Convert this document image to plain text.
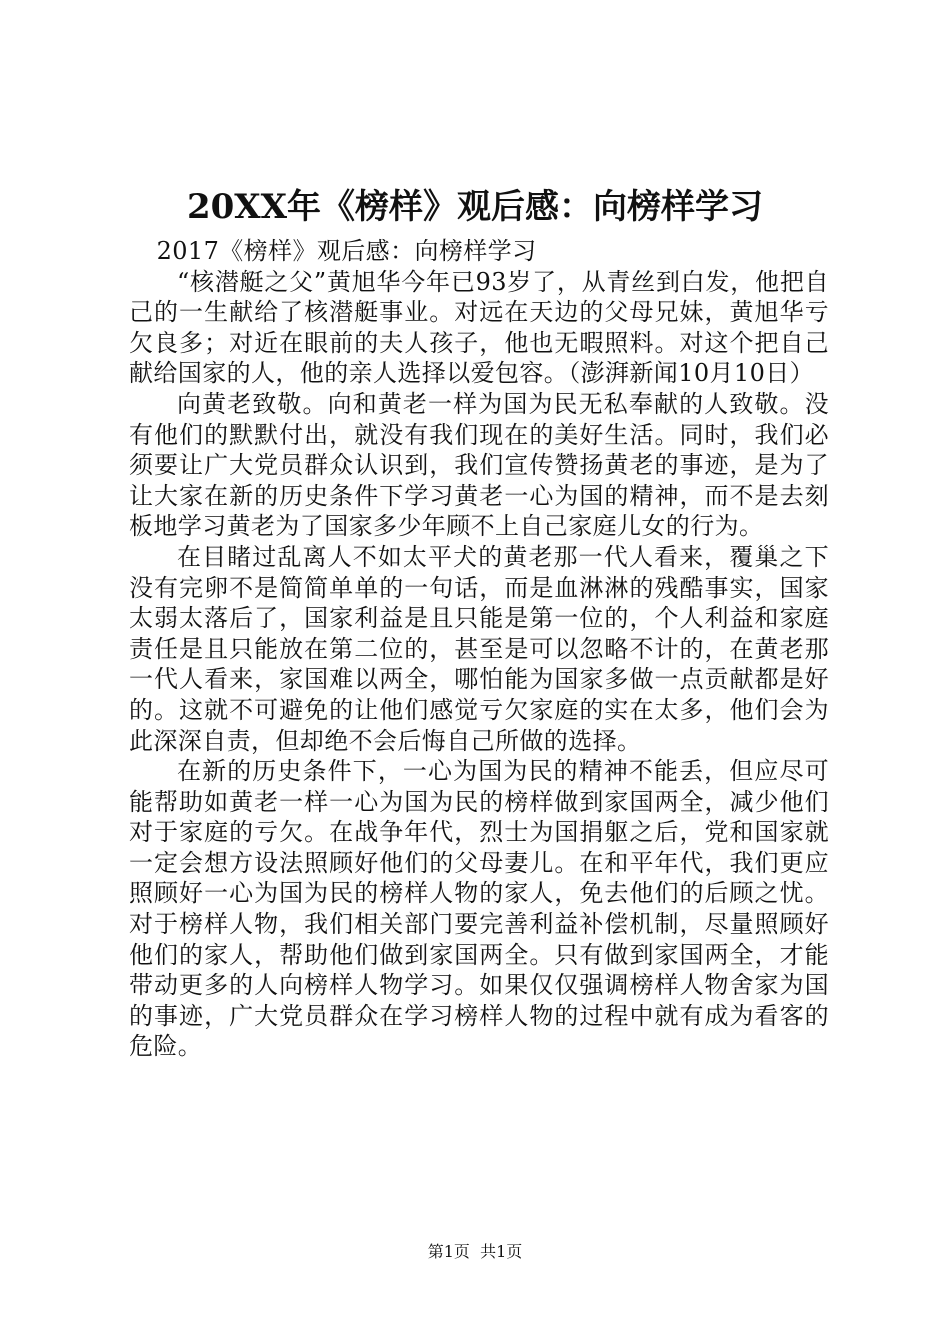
20XX年《榜样》观后感：向榜样学习

2017《榜样》观后感：向榜样学习

“核潜艇之父”黄旭华今年已93岁了，从青丝到白发，他把自己的一生献给了核潜艇事业。对远在天边的父母兄妹，黄旭华亏欠良多；对近在眼前的夫人孩子，他也无暇照料。对这个把自己献给国家的人，他的亲人选择以爱包容。（澎湃新闻10月10日）

向黄老致敬。向和黄老一样为国为民无私奉献的人致敬。没有他们的默默付出，就没有我们现在的美好生活。同时，我们必须要让广大党员群众认识到，我们宣传赞扬黄老的事迹，是为了让大家在新的历史条件下学习黄老一心为国的精神，而不是去刻板地学习黄老为了国家多少年顾不上自己家庭儿女的行为。

在目睹过乱离人不如太平犬的黄老那一代人看来，覆巢之下没有完卵不是简简单单的一句话，而是血淋淋的残酷事实，国家太弱太落后了，国家利益是且只能是第一位的，个人利益和家庭责任是且只能放在第二位的，甚至是可以忽略不计的，在黄老那一代人看来，家国难以两全，哪怕能为国家多做一点贡献都是好的。这就不可避免的让他们感觉亏欠家庭的实在太多，他们会为此深深自责，但却绝不会后悔自己所做的选择。

在新的历史条件下，一心为国为民的精神不能丢，但应尽可能帮助如黄老一样一心为国为民的榜样做到家国两全，减少他们对于家庭的亏欠。在战争年代，烈士为国捐躯之后，党和国家就一定会想方设法照顾好他们的父母妻儿。在和平年代，我们更应照顾好一心为国为民的榜样人物的家人，免去他们的后顾之忧。对于榜样人物，我们相关部门要完善利益补偿机制，尽量照顾好他们的家人，帮助他们做到家国两全。只有做到家国两全，才能带动更多的人向榜样人物学习。如果仅仅强调榜样人物舍家为国的事迹，广大党员群众在学习榜样人物的过程中就有成为看客的危险。

第1页  共1页
